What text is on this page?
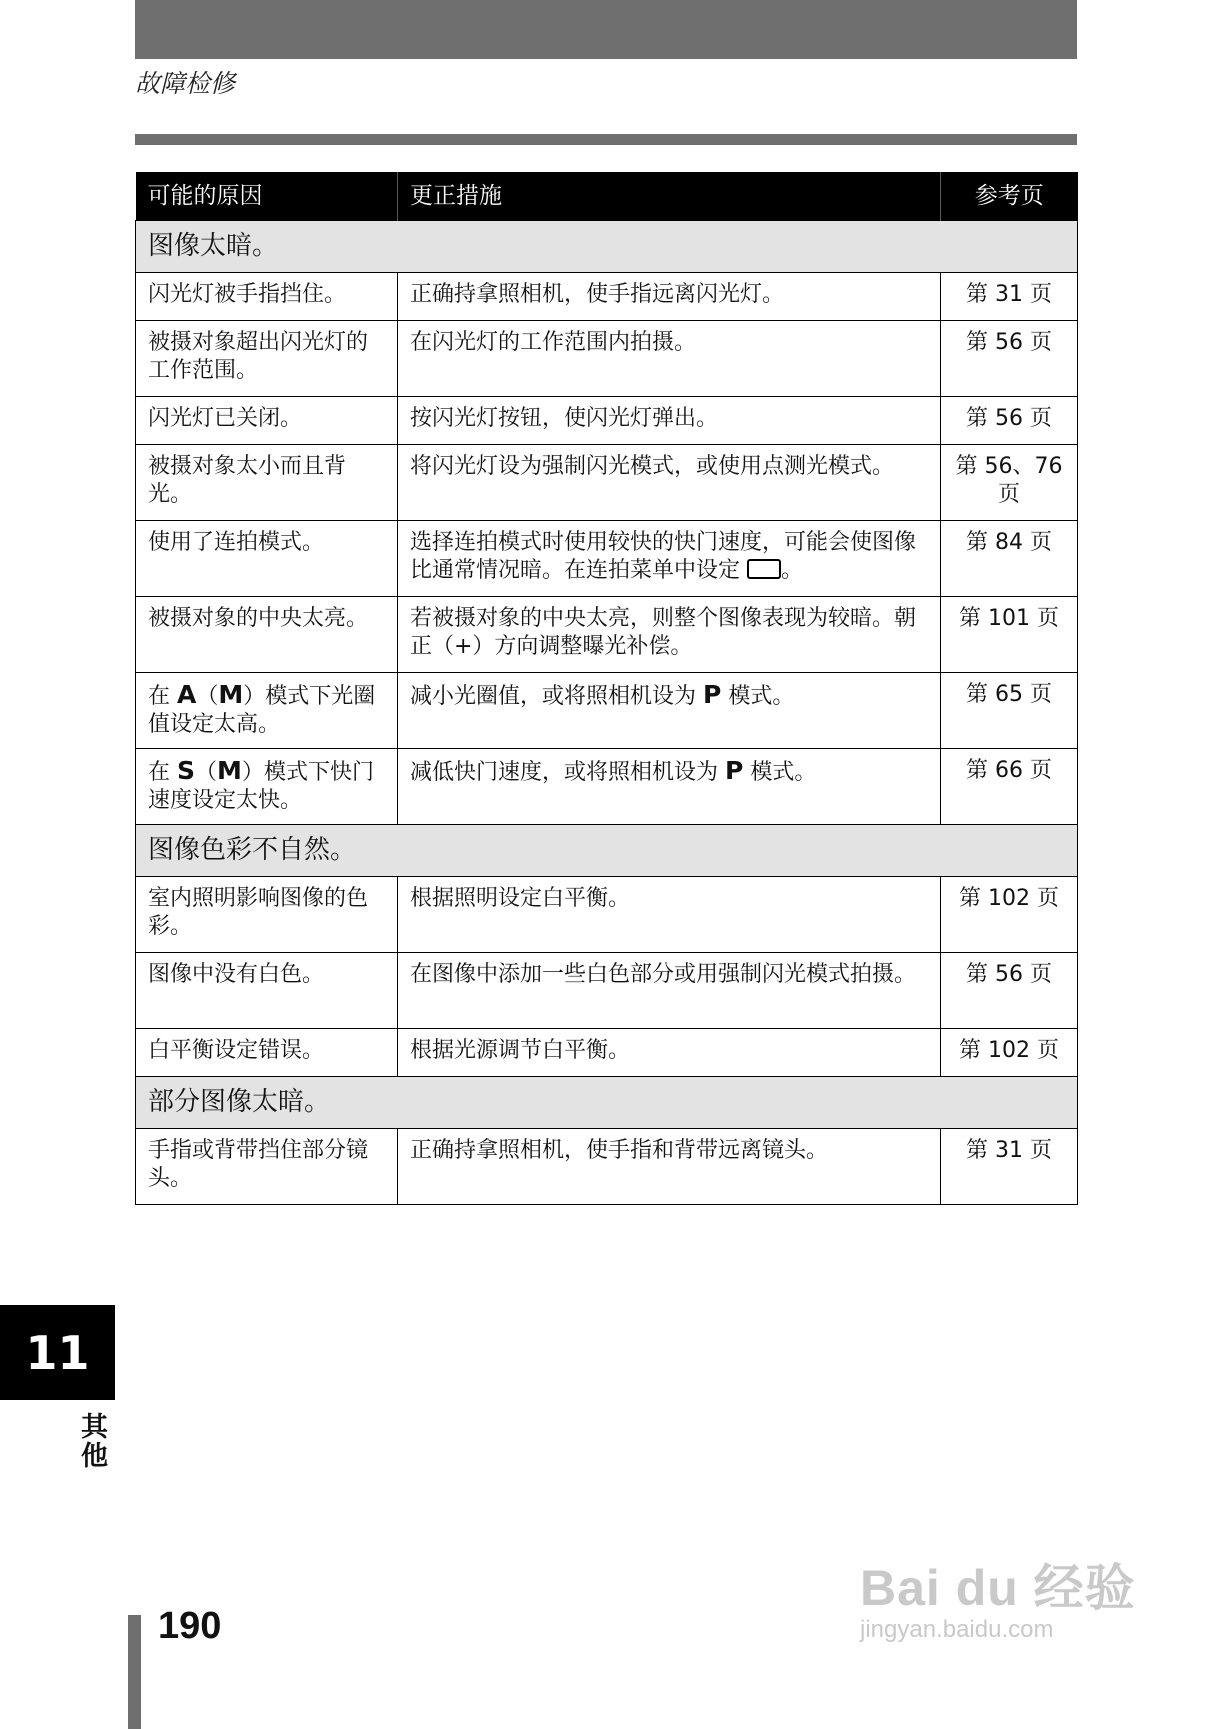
故障检修
可能的原因	更正措施	参考页
图像太暗。		
闪光灯被手指挡住。	正确持拿照相机，使手指远离闪光灯。	第 31 页
被摄对象超出闪光灯的工作范围。	在闪光灯的工作范围内拍摄。	第 56 页
闪光灯已关闭。	按闪光灯按钮，使闪光灯弹出。	第 56 页
被摄对象太小而且背光。	将闪光灯设为强制闪光模式，或使用点测光模式。	第 56、76 页
使用了连拍模式。	选择连拍模式时使用较快的快门速度，可能会使图像比通常情况暗。在连拍菜单中设定 。	第 84 页
被摄对象的中央太亮。	若被摄对象的中央太亮，则整个图像表现为较暗。朝正（+）方向调整曝光补偿。	第 101 页
在 A（M）模式下光圈值设定太高。	减小光圈值，或将照相机设为 P 模式。	第 65 页
在 S（M）模式下快门速度设定太快。	减低快门速度，或将照相机设为 P 模式。	第 66 页
图像色彩不自然。		
室内照明影响图像的色彩。	根据照明设定白平衡。	第 102 页
图像中没有白色。	在图像中添加一些白色部分或用强制闪光模式拍摄。	第 56 页
白平衡设定错误。	根据光源调节白平衡。	第 102 页
部分图像太暗。		
手指或背带挡住部分镜头。	正确持拿照相机，使手指和背带远离镜头。	第 31 页
11
其他
190
Bai du 经验
jingyan.baidu.com
